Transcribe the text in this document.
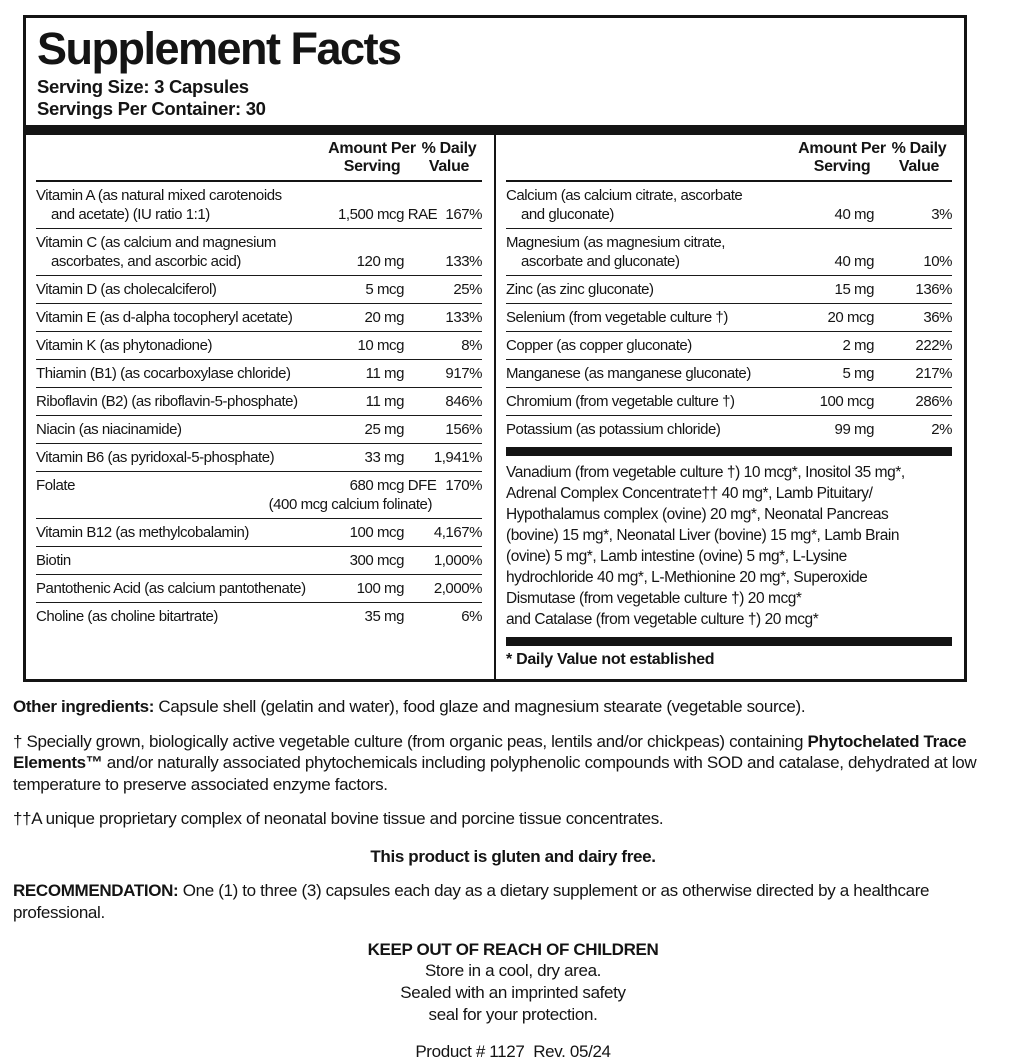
Supplement Facts
Serving Size: 3 Capsules
Servings Per Container: 30
Amount Per
Serving
% Daily
Value
Vitamin A (as natural mixed carotenoids
and acetate) (IU ratio 1:1)	1,500 mcg RAE 167%
Vitamin C (as calcium and magnesium
ascorbates, and ascorbic acid)	120 mg	133%
Vitamin D (as cholecalciferol)	5 mcg	25%
Vitamin E (as d-alpha tocopheryl acetate)	20 mg	133%
Vitamin K (as phytonadione)	10 mcg	8%
Thiamin (B1) (as cocarboxylase chloride)	11 mg	917%
Riboflavin (B2) (as riboflavin-5-phosphate)	11 mg	846%
Niacin (as niacinamide)	25 mg	156%
Vitamin B6 (as pyridoxal-5-phosphate)	33 mg	1,941%
Folate	680 mcg DFE 170%
(400 mcg calcium folinate)
Vitamin B12 (as methylcobalamin)	100 mcg	4,167%
Biotin	300 mcg	1,000%
Pantothenic Acid (as calcium pantothenate)	100 mg	2,000%
Choline (as choline bitartrate)	35 mg	6%
Amount Per
Serving
% Daily
Value
Calcium (as calcium citrate, ascorbate
and gluconate)	40 mg	3%
Magnesium (as magnesium citrate,
ascorbate and gluconate)	40 mg	10%
Zinc (as zinc gluconate)	15 mg	136%
Selenium (from vegetable culture †)	20 mcg	36%
Copper (as copper gluconate)	2 mg	222%
Manganese (as manganese gluconate)	5 mg	217%
Chromium (from vegetable culture †)	100 mcg	286%
Potassium (as potassium chloride)	99 mg	2%
Vanadium (from vegetable culture †) 10 mcg*, Inositol 35 mg*,
Adrenal Complex Concentrate†† 40 mg*, Lamb Pituitary/
Hypothalamus complex (ovine) 20 mg*, Neonatal Pancreas
(bovine) 15 mg*, Neonatal Liver (bovine) 15 mg*, Lamb Brain
(ovine) 5 mg*, Lamb intestine (ovine) 5 mg*, L-Lysine
hydrochloride 40 mg*, L-Methionine 20 mg*, Superoxide
Dismutase (from vegetable culture †) 20 mcg*
and Catalase (from vegetable culture †) 20 mcg*
* Daily Value not established

Other ingredients: Capsule shell (gelatin and water), food glaze and magnesium stearate (vegetable source).

† Specially grown, biologically active vegetable culture (from organic peas, lentils and/or chickpeas) containing Phytochelated Trace Elements™ and/or naturally associated phytochemicals including polyphenolic compounds with SOD and catalase, dehydrated at low temperature to preserve associated enzyme factors.

††A unique proprietary complex of neonatal bovine tissue and porcine tissue concentrates.

This product is gluten and dairy free.

RECOMMENDATION: One (1) to three (3) capsules each day as a dietary supplement or as otherwise directed by a healthcare professional.

KEEP OUT OF REACH OF CHILDREN
Store in a cool, dry area.
Sealed with an imprinted safety
seal for your protection.
Product # 1127  Rev. 05/24
